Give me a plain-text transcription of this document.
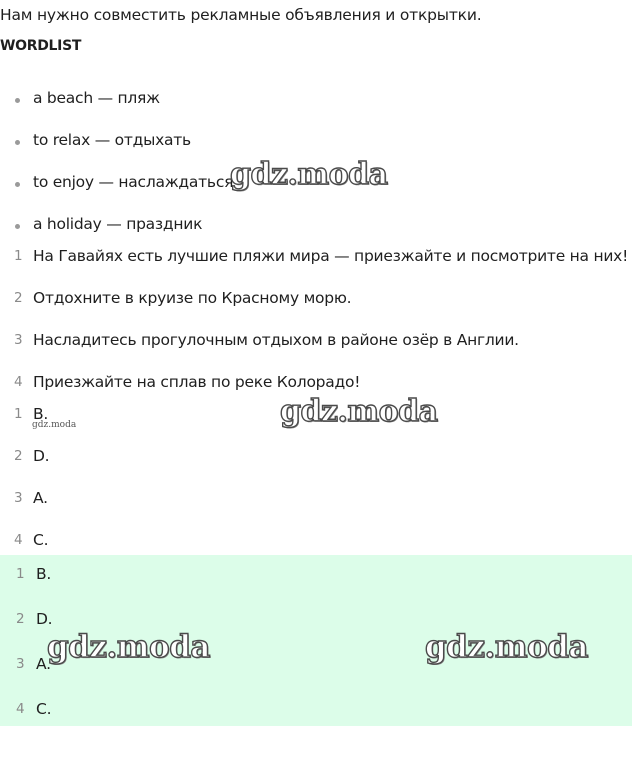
Нам нужно совместить рекламные объявления и открытки.
WORDLIST
a beach — пляж
to relax — отдыхать
to enjoy — наслаждаться
a holiday — праздник
1 На Гавайях есть лучшие пляжи мира — приезжайте и посмотрите на них!
2 Отдохните в круизе по Красному морю.
3 Насладитесь прогулочным отдыхом в районе озёр в Англии.
4 Приезжайте на сплав по реке Колорадо!
1 B.
2 D.
3 A.
4 C.
1 B.
2 D.
3 A.
4 C.
gdz.moda
gdz.moda
gdz.moda
gdz.moda	gdz.moda
